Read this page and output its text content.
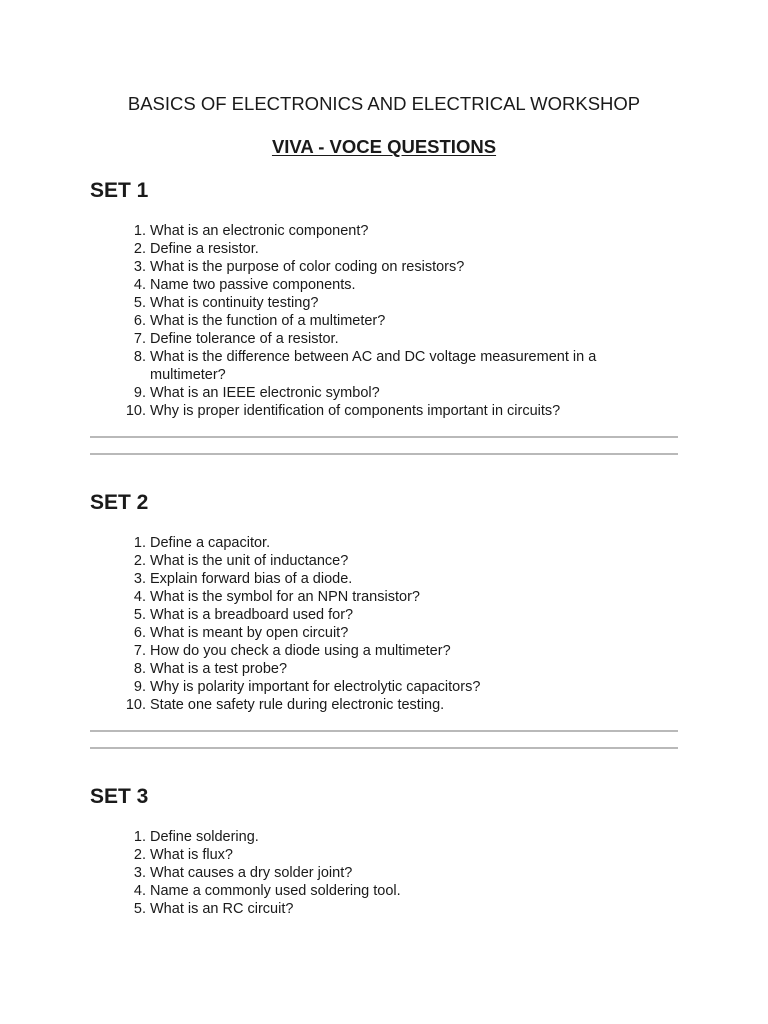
BASICS OF ELECTRONICS AND ELECTRICAL WORKSHOP
VIVA - VOCE QUESTIONS
SET 1
1. What is an electronic component?
2. Define a resistor.
3. What is the purpose of color coding on resistors?
4. Name two passive components.
5. What is continuity testing?
6. What is the function of a multimeter?
7. Define tolerance of a resistor.
8. What is the difference between AC and DC voltage measurement in a multimeter?
9. What is an IEEE electronic symbol?
10. Why is proper identification of components important in circuits?
SET 2
1. Define a capacitor.
2. What is the unit of inductance?
3. Explain forward bias of a diode.
4. What is the symbol for an NPN transistor?
5. What is a breadboard used for?
6. What is meant by open circuit?
7. How do you check a diode using a multimeter?
8. What is a test probe?
9. Why is polarity important for electrolytic capacitors?
10. State one safety rule during electronic testing.
SET 3
1. Define soldering.
2. What is flux?
3. What causes a dry solder joint?
4. Name a commonly used soldering tool.
5. What is an RC circuit?
